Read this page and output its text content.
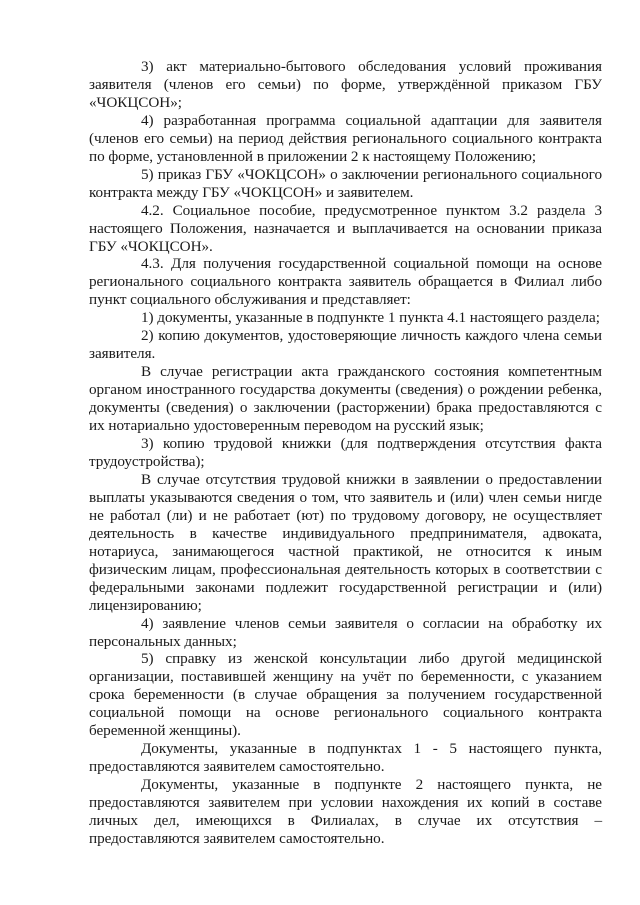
3) акт материально-бытового обследования условий проживания заявителя (членов его семьи) по форме, утверждённой приказом ГБУ «ЧОКЦСОН»;

4) разработанная программа социальной адаптации для заявителя (членов его семьи) на период действия регионального социального контракта по форме, установленной в приложении 2 к настоящему Положению;

5) приказ ГБУ «ЧОКЦСОН» о заключении регионального социального контракта между ГБУ «ЧОКЦСОН» и заявителем.

4.2. Социальное пособие, предусмотренное пунктом 3.2 раздела 3 настоящего Положения, назначается и выплачивается на основании приказа ГБУ «ЧОКЦСОН».

4.3. Для получения государственной социальной помощи на основе регионального социального контракта заявитель обращается в Филиал либо пункт социального обслуживания и представляет:

1) документы, указанные в подпункте 1 пункта 4.1 настоящего раздела;

2) копию документов, удостоверяющие личность каждого члена семьи заявителя.

В случае регистрации акта гражданского состояния компетентным органом иностранного государства документы (сведения) о рождении ребенка, документы (сведения) о заключении (расторжении) брака предоставляются с их нотариально удостоверенным переводом на русский язык;

3) копию трудовой книжки (для подтверждения отсутствия факта трудоустройства);

В случае отсутствия трудовой книжки в заявлении о предоставлении выплаты указываются сведения о том, что заявитель и (или) член семьи нигде не работал (ли) и не работает (ют) по трудовому договору, не осуществляет деятельность в качестве индивидуального предпринимателя, адвоката, нотариуса, занимающегося частной практикой, не относится к иным физическим лицам, профессиональная деятельность которых в соответствии с федеральными законами подлежит государственной регистрации и (или) лицензированию;

4) заявление членов семьи заявителя о согласии на обработку их персональных данных;

5) справку из женской консультации либо другой медицинской организации, поставившей женщину на учёт по беременности, с указанием срока беременности (в случае обращения за получением государственной социальной помощи на основе регионального социального контракта беременной женщины).

Документы, указанные в подпунктах 1 - 5 настоящего пункта, предоставляются заявителем самостоятельно.

Документы, указанные в подпункте 2 настоящего пункта, не предоставляются заявителем при условии нахождения их копий в составе личных дел, имеющихся в Филиалах, в случае их отсутствия – предоставляются заявителем самостоятельно.
